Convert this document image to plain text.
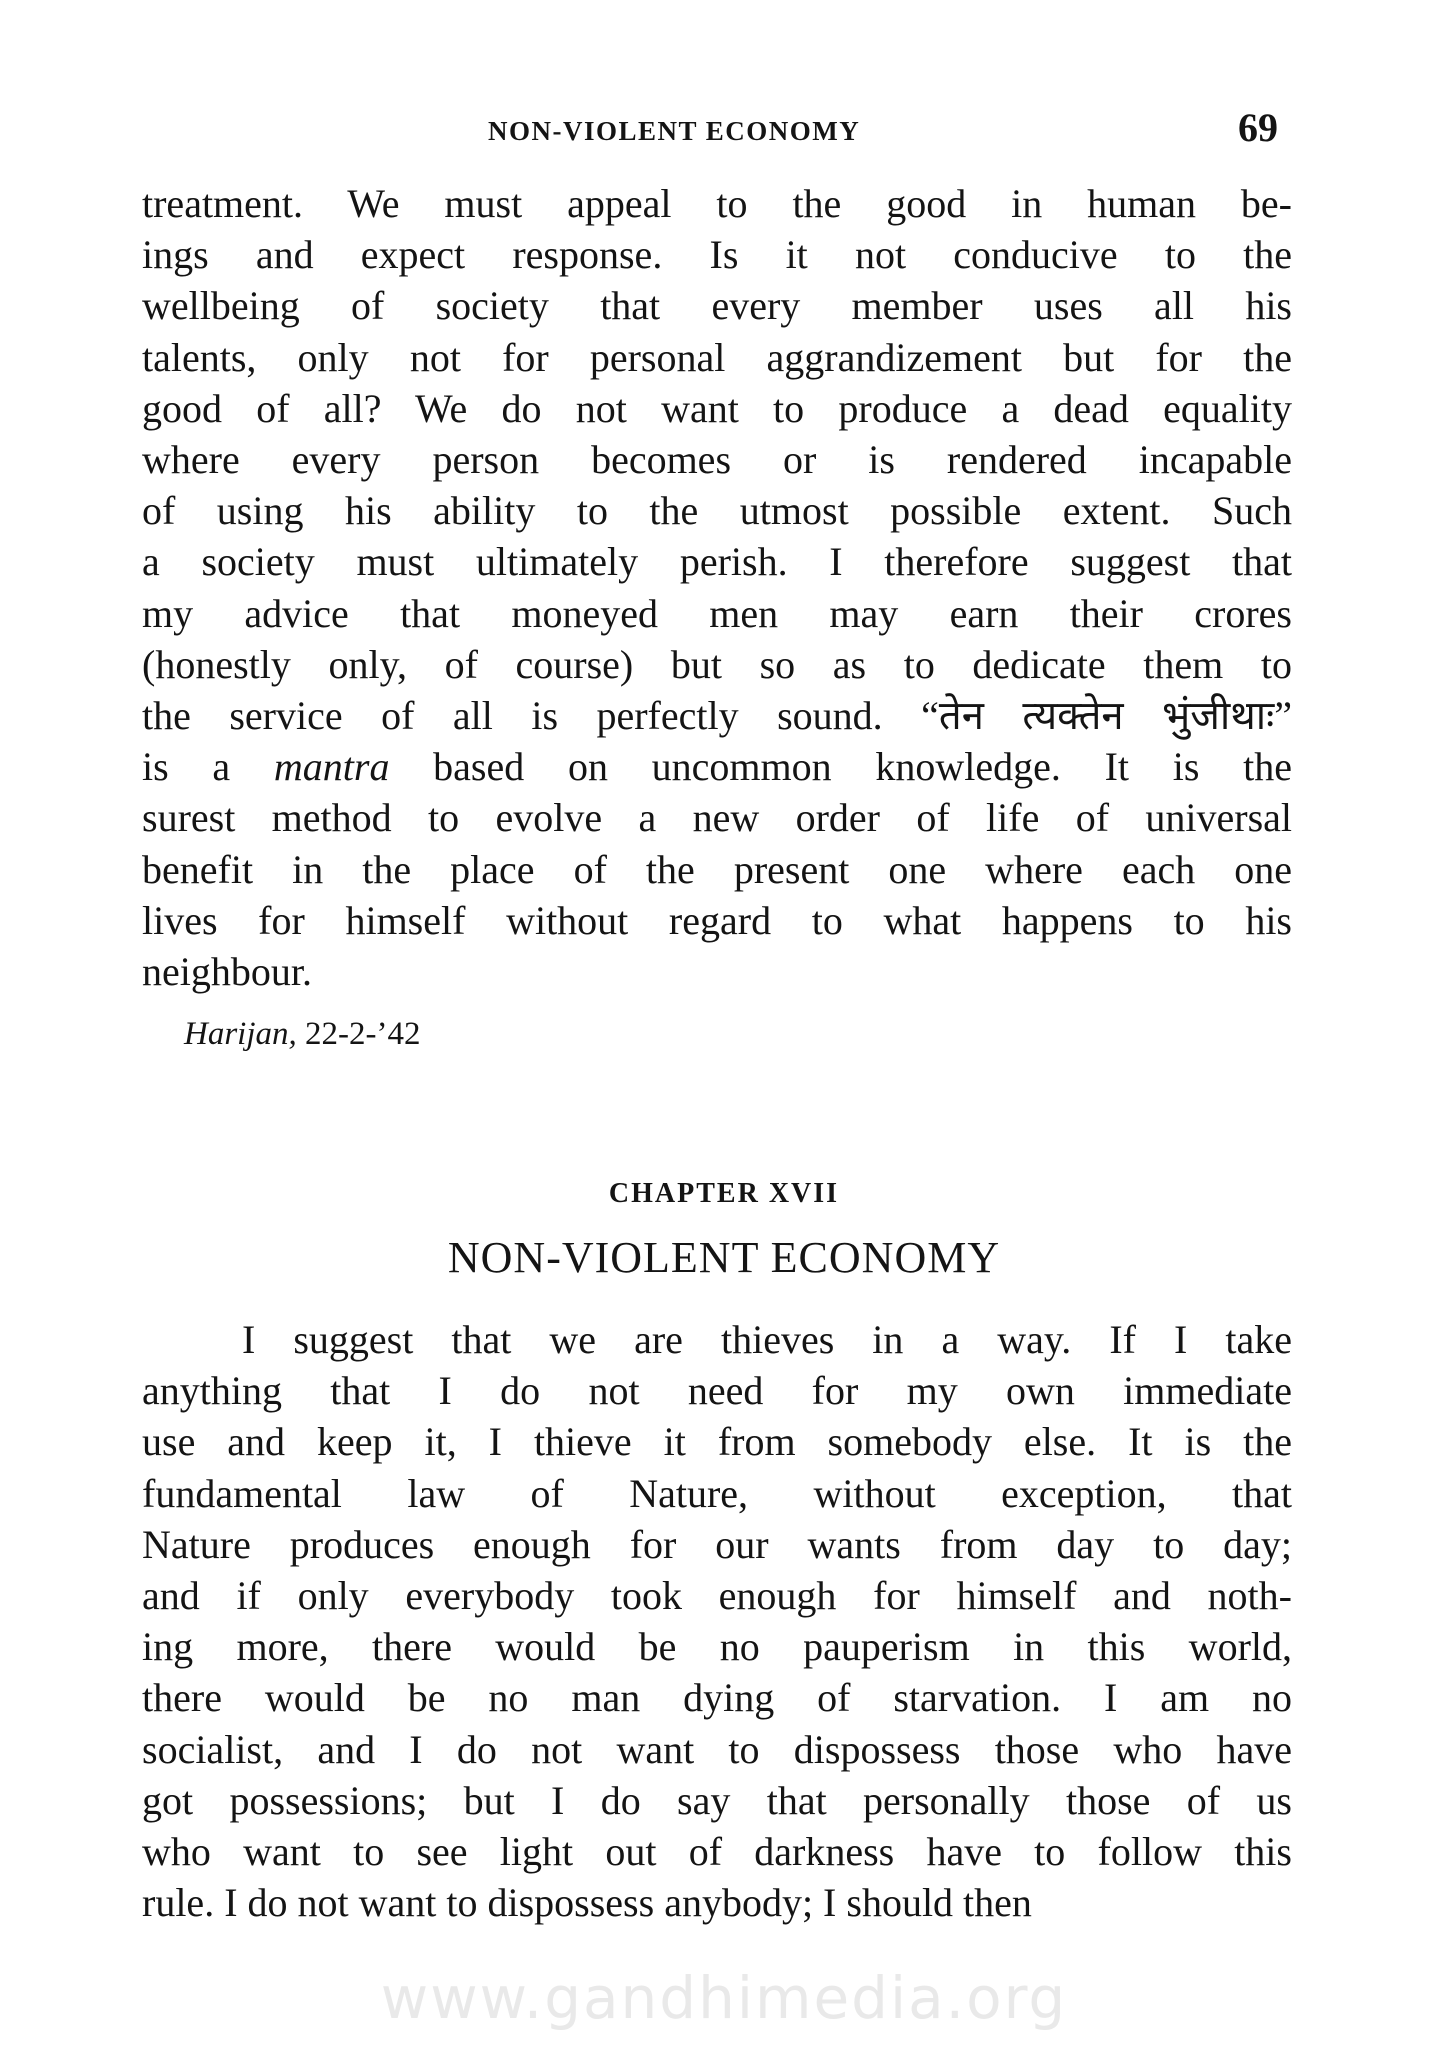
NON-VIOLENT ECONOMY	69
treatment. We must appeal to the good in human be-
ings and expect response. Is it not conducive to the
wellbeing of society that every member uses all his
talents, only not for personal aggrandizement but for the
good of all? We do not want to produce a dead equality
where every person becomes or is rendered incapable
of using his ability to the utmost possible extent. Such
a society must ultimately perish. I therefore suggest that
my advice that moneyed men may earn their crores
(honestly only, of course) but so as to dedicate them to
the service of all is perfectly sound. “तेन त्यक्तेन भुंजीथाः”
is a mantra based on uncommon knowledge. It is the
surest method to evolve a new order of life of universal
benefit in the place of the present one where each one
lives for himself without regard to what happens to his
neighbour.
Harijan, 22-2-’42
CHAPTER XVII
NON-VIOLENT ECONOMY
I suggest that we are thieves in a way. If I take
anything that I do not need for my own immediate
use and keep it, I thieve it from somebody else. It is the
fundamental law of Nature, without exception, that
Nature produces enough for our wants from day to day;
and if only everybody took enough for himself and noth-
ing more, there would be no pauperism in this world,
there would be no man dying of starvation. I am no
socialist, and I do not want to dispossess those who have
got possessions; but I do say that personally those of us
who want to see light out of darkness have to follow this
rule. I do not want to dispossess anybody; I should then
www.gandhimedia.org
